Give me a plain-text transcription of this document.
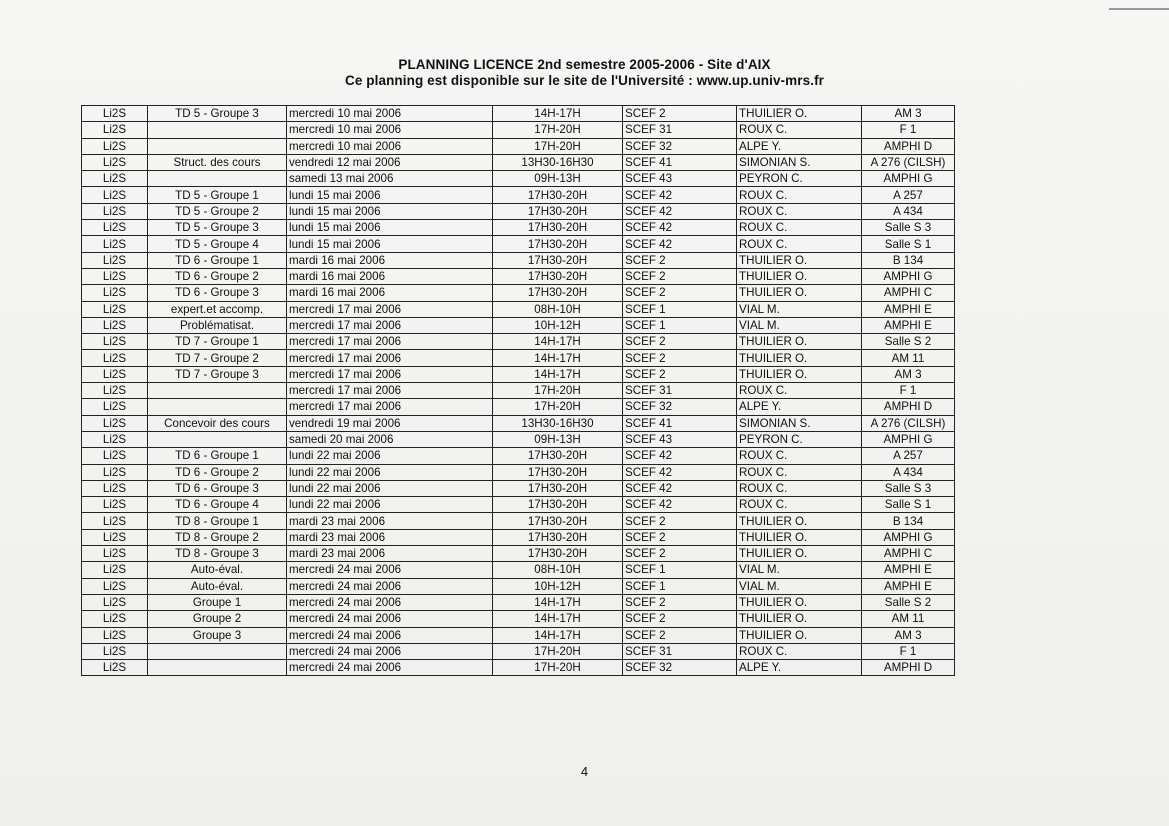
PLANNING LICENCE 2nd semestre 2005-2006 - Site d'AIX
Ce planning est disponible sur le site de l'Université : www.up.univ-mrs.fr
Li2S	TD 5 - Groupe 3	mercredi 10 mai 2006	14H-17H	SCEF 2	THUILIER O.	AM 3
Li2S		mercredi 10 mai 2006	17H-20H	SCEF 31	ROUX C.	F 1
Li2S		mercredi 10 mai 2006	17H-20H	SCEF 32	ALPE Y.	AMPHI D
Li2S	Struct. des cours	vendredi 12 mai 2006	13H30-16H30	SCEF 41	SIMONIAN S.	A 276 (CILSH)
Li2S		samedi 13 mai 2006	09H-13H	SCEF 43	PEYRON C.	AMPHI G
Li2S	TD 5 - Groupe 1	lundi 15 mai 2006	17H30-20H	SCEF 42	ROUX C.	A 257
Li2S	TD 5 - Groupe 2	lundi 15 mai 2006	17H30-20H	SCEF 42	ROUX C.	A 434
Li2S	TD 5 - Groupe 3	lundi 15 mai 2006	17H30-20H	SCEF 42	ROUX C.	Salle S 3
Li2S	TD 5 - Groupe 4	lundi 15 mai 2006	17H30-20H	SCEF 42	ROUX C.	Salle S 1
Li2S	TD 6 - Groupe 1	mardi 16 mai 2006	17H30-20H	SCEF 2	THUILIER O.	B 134
Li2S	TD 6 - Groupe 2	mardi 16 mai 2006	17H30-20H	SCEF 2	THUILIER O.	AMPHI G
Li2S	TD 6 - Groupe 3	mardi 16 mai 2006	17H30-20H	SCEF 2	THUILIER O.	AMPHI C
Li2S	expert.et accomp.	mercredi 17 mai 2006	08H-10H	SCEF 1	VIAL M.	AMPHI E
Li2S	Problématisat.	mercredi 17 mai 2006	10H-12H	SCEF 1	VIAL M.	AMPHI E
Li2S	TD 7 - Groupe 1	mercredi 17 mai 2006	14H-17H	SCEF 2	THUILIER O.	Salle S 2
Li2S	TD 7 - Groupe 2	mercredi 17 mai 2006	14H-17H	SCEF 2	THUILIER O.	AM 11
Li2S	TD 7 - Groupe 3	mercredi 17 mai 2006	14H-17H	SCEF 2	THUILIER O.	AM 3
Li2S		mercredi 17 mai 2006	17H-20H	SCEF 31	ROUX C.	F 1
Li2S		mercredi 17 mai 2006	17H-20H	SCEF 32	ALPE Y.	AMPHI D
Li2S	Concevoir des cours	vendredi 19 mai 2006	13H30-16H30	SCEF 41	SIMONIAN S.	A 276 (CILSH)
Li2S		samedi 20 mai 2006	09H-13H	SCEF 43	PEYRON C.	AMPHI G
Li2S	TD 6 - Groupe 1	lundi 22 mai 2006	17H30-20H	SCEF 42	ROUX C.	A 257
Li2S	TD 6 - Groupe 2	lundi 22 mai 2006	17H30-20H	SCEF 42	ROUX C.	A 434
Li2S	TD 6 - Groupe 3	lundi 22 mai 2006	17H30-20H	SCEF 42	ROUX C.	Salle S 3
Li2S	TD 6 - Groupe 4	lundi 22 mai 2006	17H30-20H	SCEF 42	ROUX C.	Salle S 1
Li2S	TD 8 - Groupe 1	mardi 23 mai 2006	17H30-20H	SCEF 2	THUILIER O.	B 134
Li2S	TD 8 - Groupe 2	mardi 23 mai 2006	17H30-20H	SCEF 2	THUILIER O.	AMPHI G
Li2S	TD 8 - Groupe 3	mardi 23 mai 2006	17H30-20H	SCEF 2	THUILIER O.	AMPHI C
Li2S	Auto-éval.	mercredi 24 mai 2006	08H-10H	SCEF 1	VIAL M.	AMPHI E
Li2S	Auto-éval.	mercredi 24 mai 2006	10H-12H	SCEF 1	VIAL M.	AMPHI E
Li2S	Groupe 1	mercredi 24 mai 2006	14H-17H	SCEF 2	THUILIER O.	Salle S 2
Li2S	Groupe 2	mercredi 24 mai 2006	14H-17H	SCEF 2	THUILIER O.	AM 11
Li2S	Groupe 3	mercredi 24 mai 2006	14H-17H	SCEF 2	THUILIER O.	AM 3
Li2S		mercredi 24 mai 2006	17H-20H	SCEF 31	ROUX C.	F 1
Li2S		mercredi 24 mai 2006	17H-20H	SCEF 32	ALPE Y.	AMPHI D
4
